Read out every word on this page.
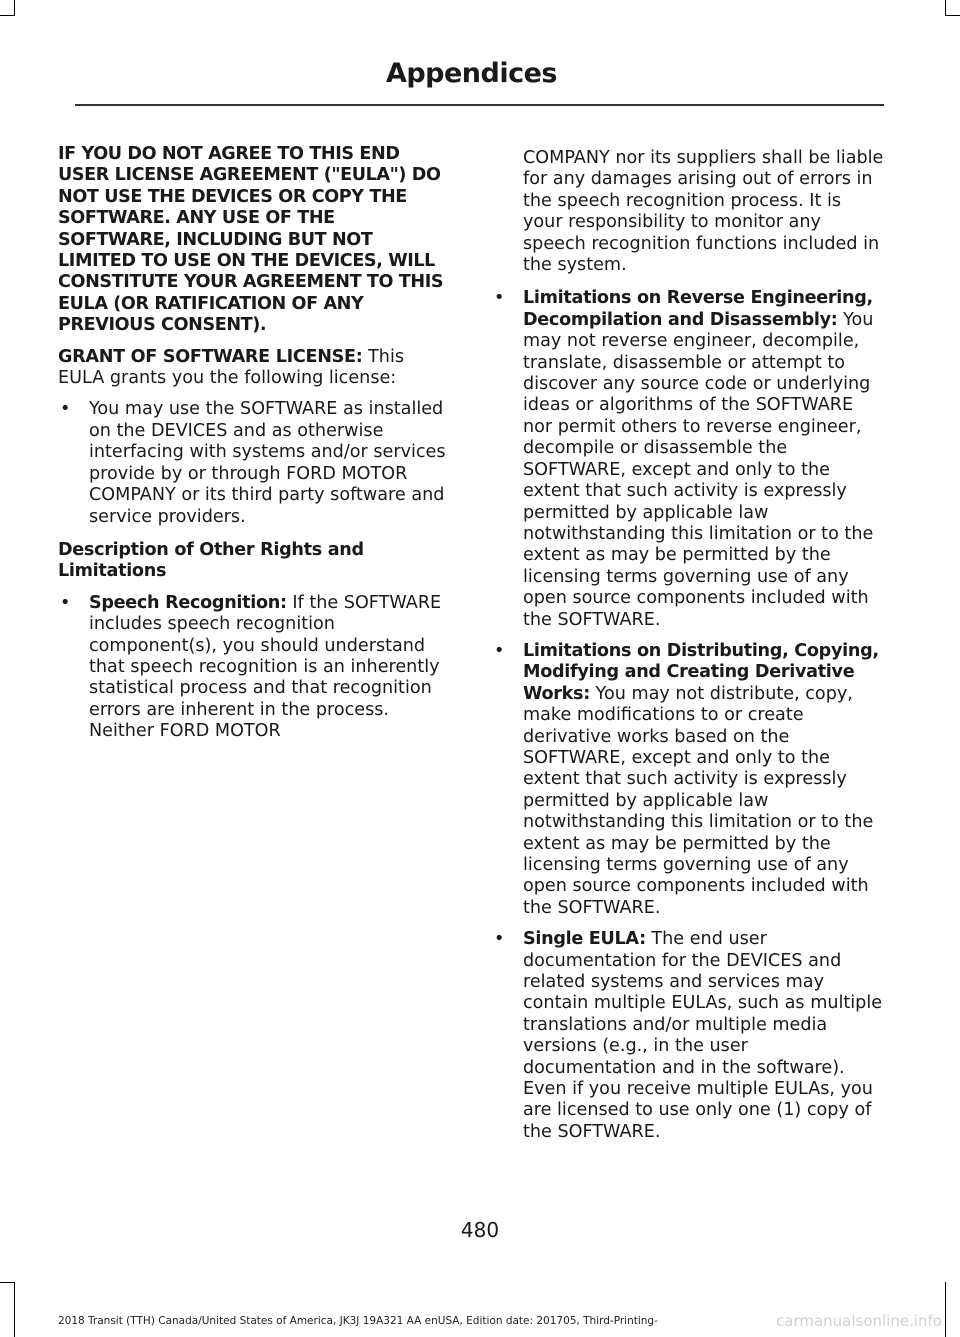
Appendices

IF YOU DO NOT AGREE TO THIS END USER LICENSE AGREEMENT ("EULA") DO NOT USE THE DEVICES OR COPY THE SOFTWARE. ANY USE OF THE SOFTWARE, INCLUDING BUT NOT LIMITED TO USE ON THE DEVICES, WILL CONSTITUTE YOUR AGREEMENT TO THIS EULA (OR RATIFICATION OF ANY PREVIOUS CONSENT).

GRANT OF SOFTWARE LICENSE: This EULA grants you the following license:

• You may use the SOFTWARE as installed on the DEVICES and as otherwise interfacing with systems and/or services provide by or through FORD MOTOR COMPANY or its third party software and service providers.

Description of Other Rights and Limitations

• Speech Recognition: If the SOFTWARE includes speech recognition component(s), you should understand that speech recognition is an inherently statistical process and that recognition errors are inherent in the process. Neither FORD MOTOR

COMPANY nor its suppliers shall be liable for any damages arising out of errors in the speech recognition process. It is your responsibility to monitor any speech recognition functions included in the system.

• Limitations on Reverse Engineering, Decompilation and Disassembly: You may not reverse engineer, decompile, translate, disassemble or attempt to discover any source code or underlying ideas or algorithms of the SOFTWARE nor permit others to reverse engineer, decompile or disassemble the SOFTWARE, except and only to the extent that such activity is expressly permitted by applicable law notwithstanding this limitation or to the extent as may be permitted by the licensing terms governing use of any open source components included with the SOFTWARE.
• Limitations on Distributing, Copying, Modifying and Creating Derivative Works: You may not distribute, copy, make modifications to or create derivative works based on the SOFTWARE, except and only to the extent that such activity is expressly permitted by applicable law notwithstanding this limitation or to the extent as may be permitted by the licensing terms governing use of any open source components included with the SOFTWARE.
• Single EULA: The end user documentation for the DEVICES and related systems and services may contain multiple EULAs, such as multiple translations and/or multiple media versions (e.g., in the user documentation and in the software). Even if you receive multiple EULAs, you are licensed to use only one (1) copy of the SOFTWARE.
480
2018 Transit (TTH) Canada/United States of America, JK3J 19A321 AA enUSA, Edition date: 201705, Third-Printing-	carmanualsonline.info
